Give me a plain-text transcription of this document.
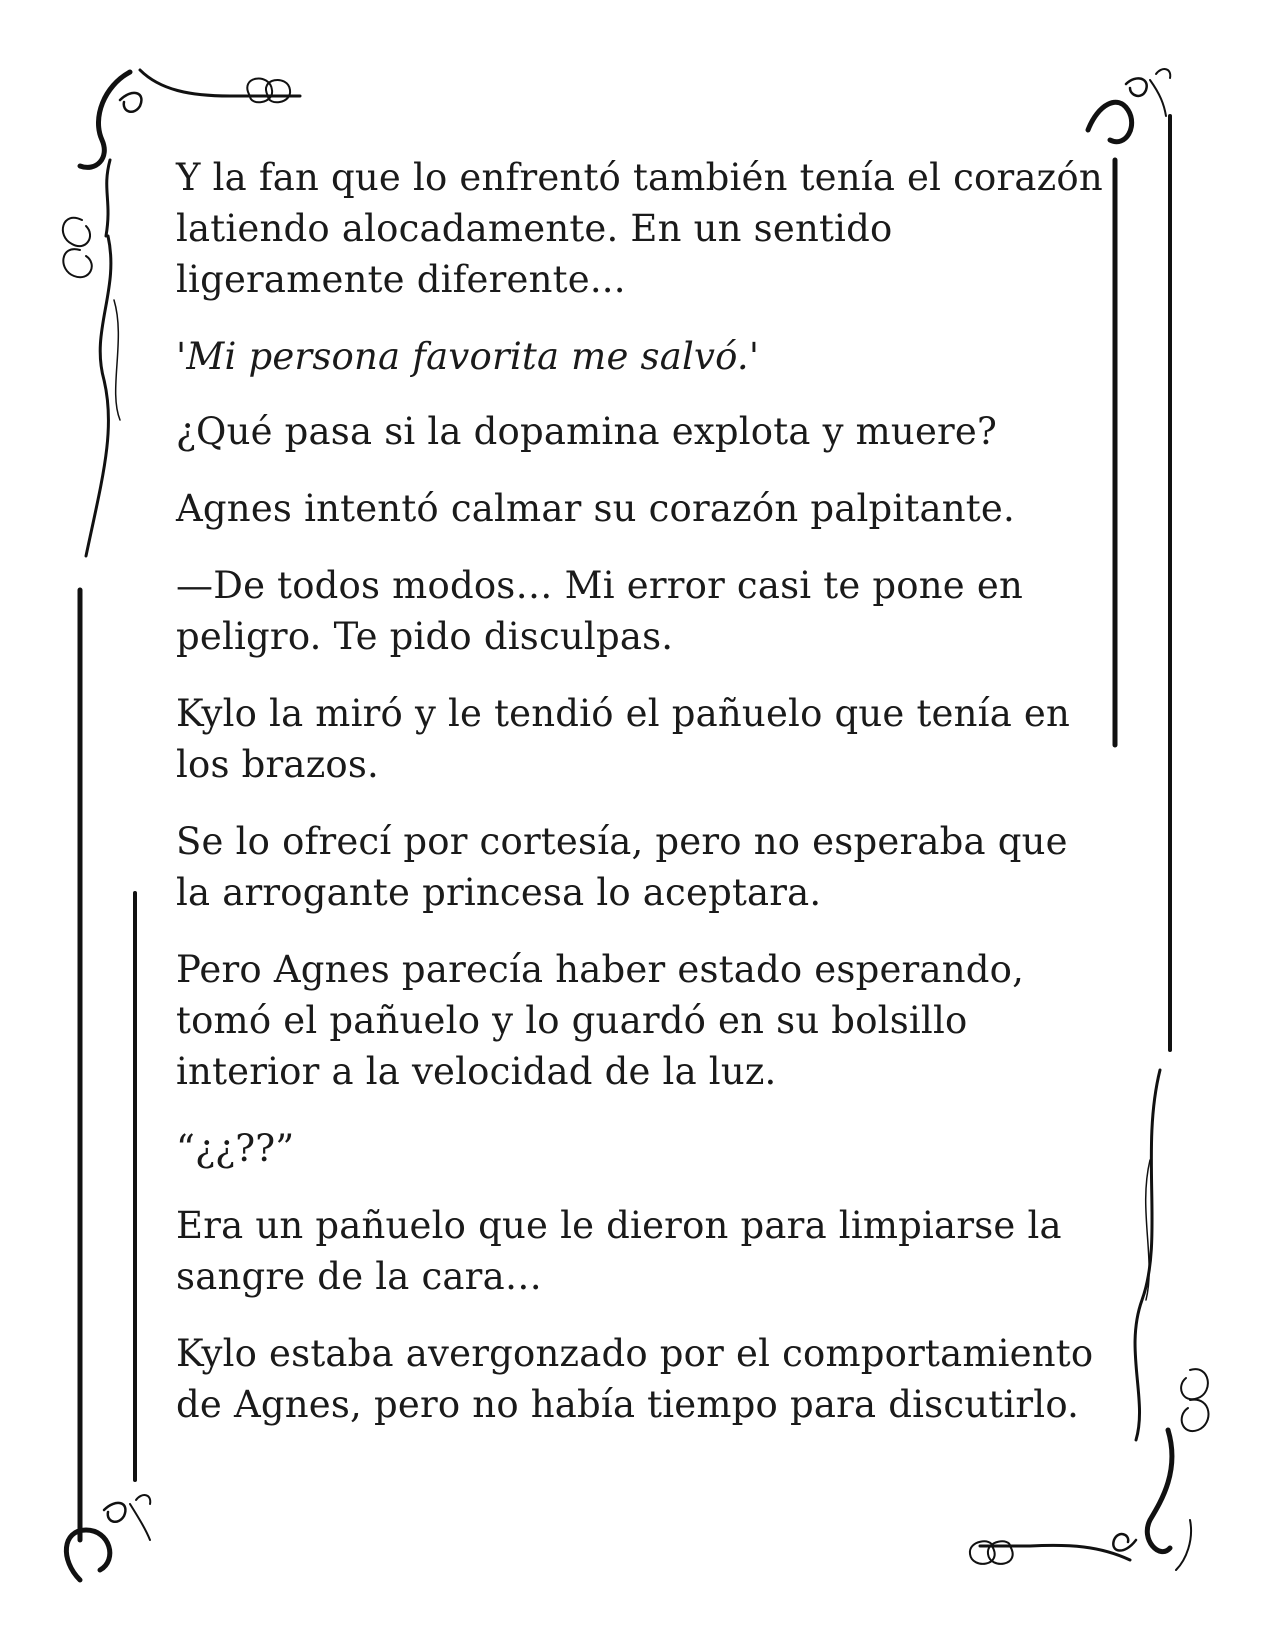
Y la fan que lo enfrentó también tenía el corazón latiendo alocadamente. En un sentido ligeramente diferente...

'Mi persona favorita me salvó.'

¿Qué pasa si la dopamina explota y muere?

Agnes intentó calmar su corazón palpitante.

—De todos modos… Mi error casi te pone en peligro. Te pido disculpas.

Kylo la miró y le tendió el pañuelo que tenía en los brazos.

Se lo ofrecí por cortesía, pero no esperaba que la arrogante princesa lo aceptara.

Pero Agnes parecía haber estado esperando, tomó el pañuelo y lo guardó en su bolsillo interior a la velocidad de la luz.

“¿¿??”

Era un pañuelo que le dieron para limpiarse la sangre de la cara…

Kylo estaba avergonzado por el comportamiento de Agnes, pero no había tiempo para discutirlo.
